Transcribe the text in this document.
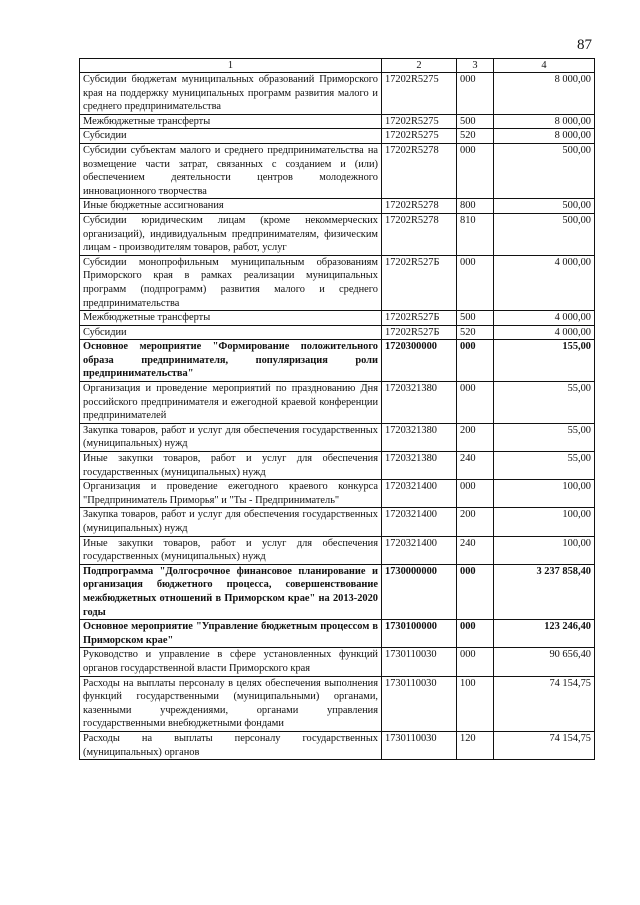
87
1	2	3	4
Субсидии бюджетам муниципальных образований Приморского края на поддержку муниципальных программ развития малого и среднего предпринимательства	17202R5275	000	8 000,00
Межбюджетные трансферты	17202R5275	500	8 000,00
Субсидии	17202R5275	520	8 000,00
Субсидии субъектам малого и среднего предпринимательства на возмещение части затрат, связанных с созданием и (или) обеспечением деятельности центров молодежного инновационного творчества	17202R5278	000	500,00
Иные бюджетные ассигнования	17202R5278	800	500,00
Субсидии юридическим лицам (кроме некоммерческих организаций), индивидуальным предпринимателям, физическим лицам - производителям товаров, работ, услуг	17202R5278	810	500,00
Субсидии монопрофильным муниципальным образованиям Приморского края в рамках реализации муниципальных программ (подпрограмм) развития малого и среднего предпринимательства	17202R527Б	000	4 000,00
Межбюджетные трансферты	17202R527Б	500	4 000,00
Субсидии	17202R527Б	520	4 000,00
Основное мероприятие "Формирование положительного образа предпринимателя, популяризация роли предпринимательства"	1720300000	000	155,00
Организация и проведение мероприятий по празднованию Дня российского предпринимателя и ежегодной краевой конференции предпринимателей	1720321380	000	55,00
Закупка товаров, работ и услуг для обеспечения государственных (муниципальных) нужд	1720321380	200	55,00
Иные закупки товаров, работ и услуг для обеспечения государственных (муниципальных) нужд	1720321380	240	55,00
Организация и проведение ежегодного краевого конкурса "Предприниматель Приморья" и "Ты - Предприниматель"	1720321400	000	100,00
Закупка товаров, работ и услуг для обеспечения государственных (муниципальных) нужд	1720321400	200	100,00
Иные закупки товаров, работ и услуг для обеспечения государственных (муниципальных) нужд	1720321400	240	100,00
Подпрограмма "Долгосрочное финансовое планирование и организация бюджетного процесса, совершенствование межбюджетных отношений в Приморском крае" на 2013-2020 годы	1730000000	000	3 237 858,40
Основное мероприятие "Управление бюджетным процессом в Приморском крае"	1730100000	000	123 246,40
Руководство и управление в сфере установленных функций органов государственной власти Приморского края	1730110030	000	90 656,40
Расходы на выплаты персоналу в целях обеспечения выполнения функций государственными (муниципальными) органами, казенными учреждениями, органами управления государственными внебюджетными фондами	1730110030	100	74 154,75
Расходы на выплаты персоналу государственных (муниципальных) органов	1730110030	120	74 154,75
